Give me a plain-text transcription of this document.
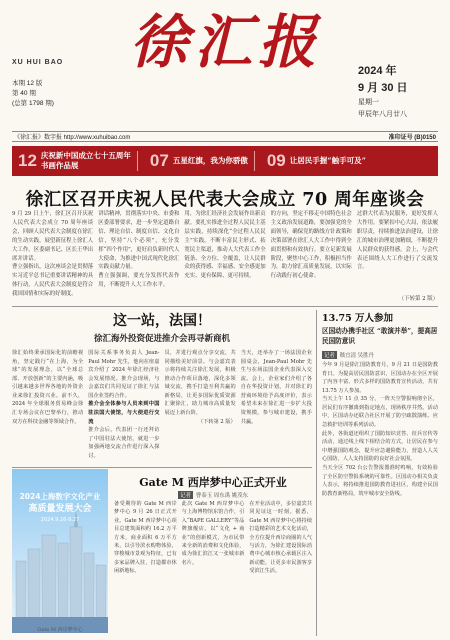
XU HUI BAO
本期 12 版
第 40 期
(总第 1798 期)
徐汇报	2024 年
9 月 30 日
星期一
甲辰年八月廿八
《徐汇报》数字报 http://www.xuhuibao.com	准印证号 (B)0150
12 庆祝新中国成立七十五周年
书画作品展	07 五星红旗，我为你骄傲	09 让居民手握“触手可及”
徐汇区召开庆祝人民代表大会成立 70 周年座谈会
9 月 29 日上午，徐汇区召开庆祝人民代表大会成立 70 周年座谈会，回顾人民代表大会制度在徐汇的生动实践，展望新征程上徐汇人大工作。区委副书记、区长王华出席并讲话。
曹立强指出，这次座谈会是贯彻落实习近平总书记重要讲话精神的具体行动，人民代表大会制度是符合我国国情和实际的好制度。
讲话精神，贯彻落实中央、市委和区委部署要求，进一步坚定道路自信、理论自信、制度自信、文化自信，坚持“八个必须”，充分发挥“四个作用”，更好肩负新时代人大使命，为推进中国式现代化徐汇实践贡献力量。
曹立强强调，要充分发挥代表作用，不断提升人大工作水平。
用，为徐汇经济社会发展作出新贡献。要扎实推进全过程人民民主基层实践，持续深化“全过程人民民主”实践，不断丰富民主形式、拓宽民主渠道，推动人大代表工作全链条、全方位、全覆盖，让人民群众的获得感、幸福感、安全感更加充实、更有保障、更可持续。
的方向，坚定不移走中国特色社会主义政治发展道路，要加强党的全面领导，确保党的路线方针政策和决策部署在徐汇人大工作中得到全面贯彻和有效执行。要立足新发展阶段，聚焦中心工作，积极担当作为，助力徐汇高质量发展，以实际行动践行初心使命。
过群大代表为民服务，更好发挥人大作用。要紧扣中心大局，依法履职尽责，持续推进法治建设，让徐汇的城市治理更加精细，不断提升人民群众的获得感。会上，与会代表还围绕人大工作进行了交流发言。
（下转第 2 版）
这一站，法国！
徐汇海外投资促进推介会再寻新商机
徐汇始终秉承国际化的前瞻视角，坚定践行“在上海，为全球”的发展理念，以“全球总部、开放创新”的主要内涵，吸引越来越多世界各地的外资企业来徐汇投资兴业。前不久，2024 年全球服务贸易峰会徐汇专场会议在巴黎举行，推动双方在科技金融等领域合作。
国际关系事务负责人 Jean-Paul Mohr 先生，他向在座嘉宾介绍了 2024 年徐汇经济社会发展情况。推介会现场，与会嘉宾们共同见证了徐汇与法国企业签约合作。
推介会全体参与人员来到中国驻法国大使馆，与大使进行交流
推介会后，代表团一行还拜访了中国驻法大使馆，就进一步加强两地交流合作进行深入探讨。
员，并进行观点分享交流，共同描绘美好前景。与会嘉宾表示将持续关注徐汇发展，积极推动合作项目落地，深化多领域交流，携手打造互利共赢的新格局，让更多国际优质资源汇聚徐汇，助力城市高质量发展迈上新台阶。
（下转第 2 版）
当天，还举办了一场法国企业圆桌会，Jean-Paul Mohr 先生与在场法国企业代表深入交流。会上，企业家们介绍了各自在华投资计划，并对徐汇的营商环境给予高度评价，表示希望未来在徐汇进一步扩大投资规模，参与城市建设，携手共赢。
2024上海数字文化产业
高质量发展大会
2024.9.26-9.27
Gate M 西岸梦中心
Gate M 西岸梦中心正式开业
记者 曹泰玉 周东禹 姚茂东
备受期待的 Gate M 西岸梦中心 9 月 26 日正式开业。Gate M 西岸梦中心项目总建筑面积约 16.2 万平方米，商业面积 6 万平方米，以引导滨水购物体验、穿梭城市景观为特征，已有多家品牌入驻，打造都市休闲新地标。
此次 Gate M 西岸梦中心与上海博物馆东馆合作，引入“BAPE GALLERY”等品牌旗舰店。以“文化 + 商业”的创新模式，为市民带来全新的消费和文化体验，成为徐汇滨江又一张城市新名片。
在开业活动中，多位嘉宾共同见证这一时刻。据悉，Gate M 西岸梦中心将持续打造精彩的艺术文化活动，全方位提升西岸商圈的人气与活力，为徐汇建设国际消费中心城市核心承载区注入新动能，让更多市民游客享受滨江生活。
13.75 万人参加
区国动办携手社区 “敢演并举”，提高居民国防意识
记者 嵇宜清 吴胜丹
今年 9 月是徐汇国防教育月，9 月 21 日是国防教育日。为提高居民国防意识，区国动办在全区开展了内容丰富、形式多样的国防教育宣传活动，共有 13.75 万人参加。
当天上午 11 点 35 分，一阵天空警报响彻全区，居民们有序撤离到指定地点，现场秩序井然。活动中，区国动办还联合社区开展了防空疏散演练、应急救护培训等系列活动。
此外，各街道还组织了国防知识竞答、征兵宣传等活动，通过线上线下相结合的方式，让居民在参与中增强国防观念，提升应急避险能力，营造人人关心国防、人人支持国防的良好社会氛围。
当天全区 702 台公告警报器准时鸣响，有效检验了全区防空警报系统的可靠性。区国动办相关负责人表示，将持续推进国防教育进社区，构建全民国防教育新格局，筑牢城市安全防线。
